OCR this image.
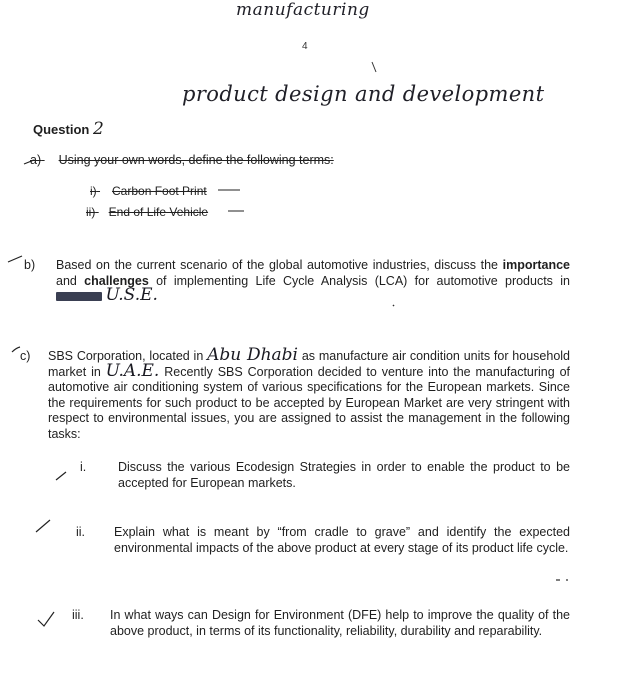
manufacturing
4
product design and development
Question 2
a) Using your own words, define the following terms:
i) Carbon Foot Print
ii) End of Life Vehicle
b) Based on the current scenario of the global automotive industries, discuss the importance and challenges of implementing Life Cycle Analysis (LCA) for automotive products in  U.S.E.
c) SBS Corporation, located in Abu Dhabi as manufacture air condition units for household market in U.A.E. Recently SBS Corporation decided to venture into the manufacturing of automotive air conditioning system of various specifications for the European markets. Since the requirements for such product to be accepted by European Market are very stringent with respect to environmental issues, you are assigned to assist the management in the following tasks:
i.	Discuss the various Ecodesign Strategies in order to enable the product to be accepted for European markets.
ii. Explain what is meant by “from cradle to grave” and identify the expected environmental impacts of the above product at every stage of its product life cycle.
iii. In what ways can Design for Environment (DFE) help to improve the quality of the above product, in terms of its functionality, reliability, durability and reparability.
